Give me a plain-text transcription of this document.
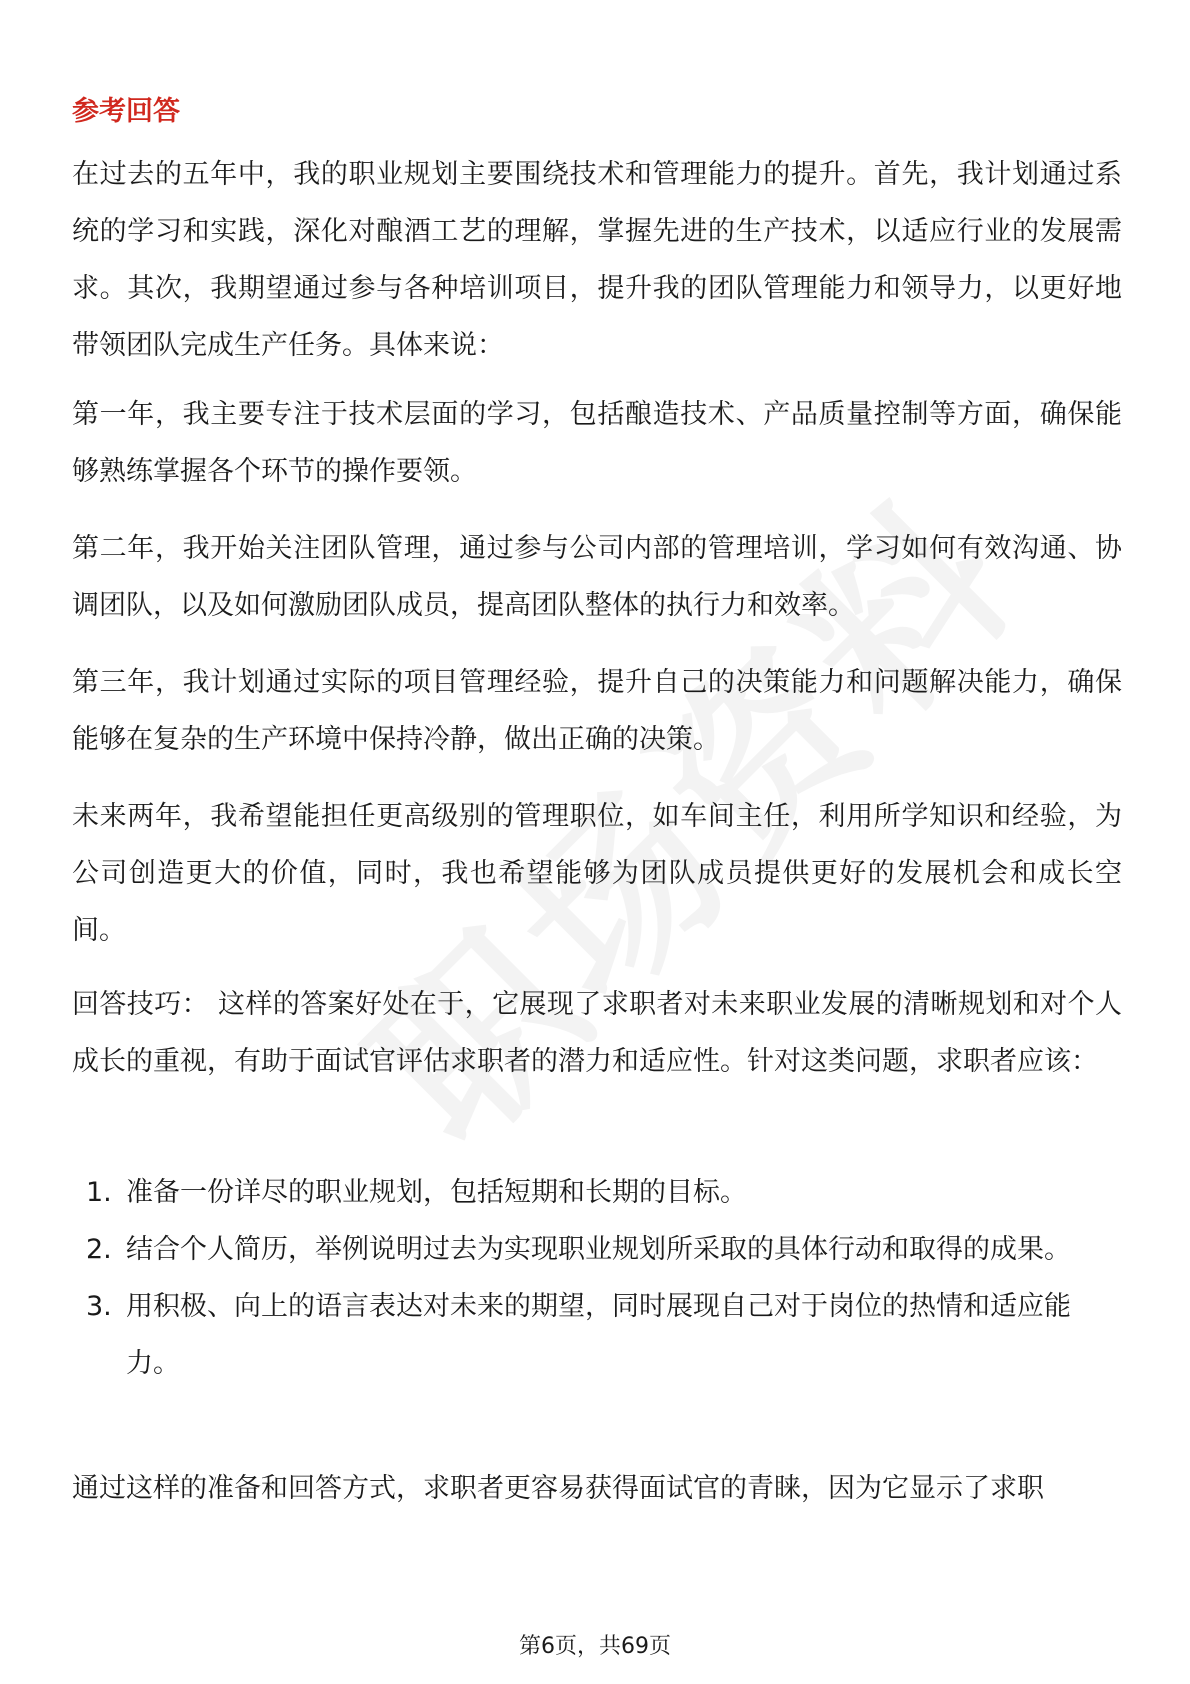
参考回答

在过去的五年中，我的职业规划主要围绕技术和管理能力的提升。首先，我计划通过系统的学习和实践，深化对酿酒工艺的理解，掌握先进的生产技术，以适应行业的发展需求。其次，我期望通过参与各种培训项目，提升我的团队管理能力和领导力，以更好地带领团队完成生产任务。具体来说：

第一年，我主要专注于技术层面的学习，包括酿造技术、产品质量控制等方面，确保能够熟练掌握各个环节的操作要领。

第二年，我开始关注团队管理，通过参与公司内部的管理培训，学习如何有效沟通、协调团队，以及如何激励团队成员，提高团队整体的执行力和效率。

第三年，我计划通过实际的项目管理经验，提升自己的决策能力和问题解决能力，确保能够在复杂的生产环境中保持冷静，做出正确的决策。

未来两年，我希望能担任更高级别的管理职位，如车间主任，利用所学知识和经验，为公司创造更大的价值，同时，我也希望能够为团队成员提供更好的发展机会和成长空间。

回答技巧： 这样的答案好处在于，它展现了求职者对未来职业发展的清晰规划和对个人成长的重视，有助于面试官评估求职者的潜力和适应性。针对这类问题，求职者应该：

1. 准备一份详尽的职业规划，包括短期和长期的目标。
2. 结合个人简历，举例说明过去为实现职业规划所采取的具体行动和取得的成果。
3. 用积极、向上的语言表达对未来的期望，同时展现自己对于岗位的热情和适应能力。

通过这样的准备和回答方式，求职者更容易获得面试官的青睐，因为它显示了求职

第6页，共69页
